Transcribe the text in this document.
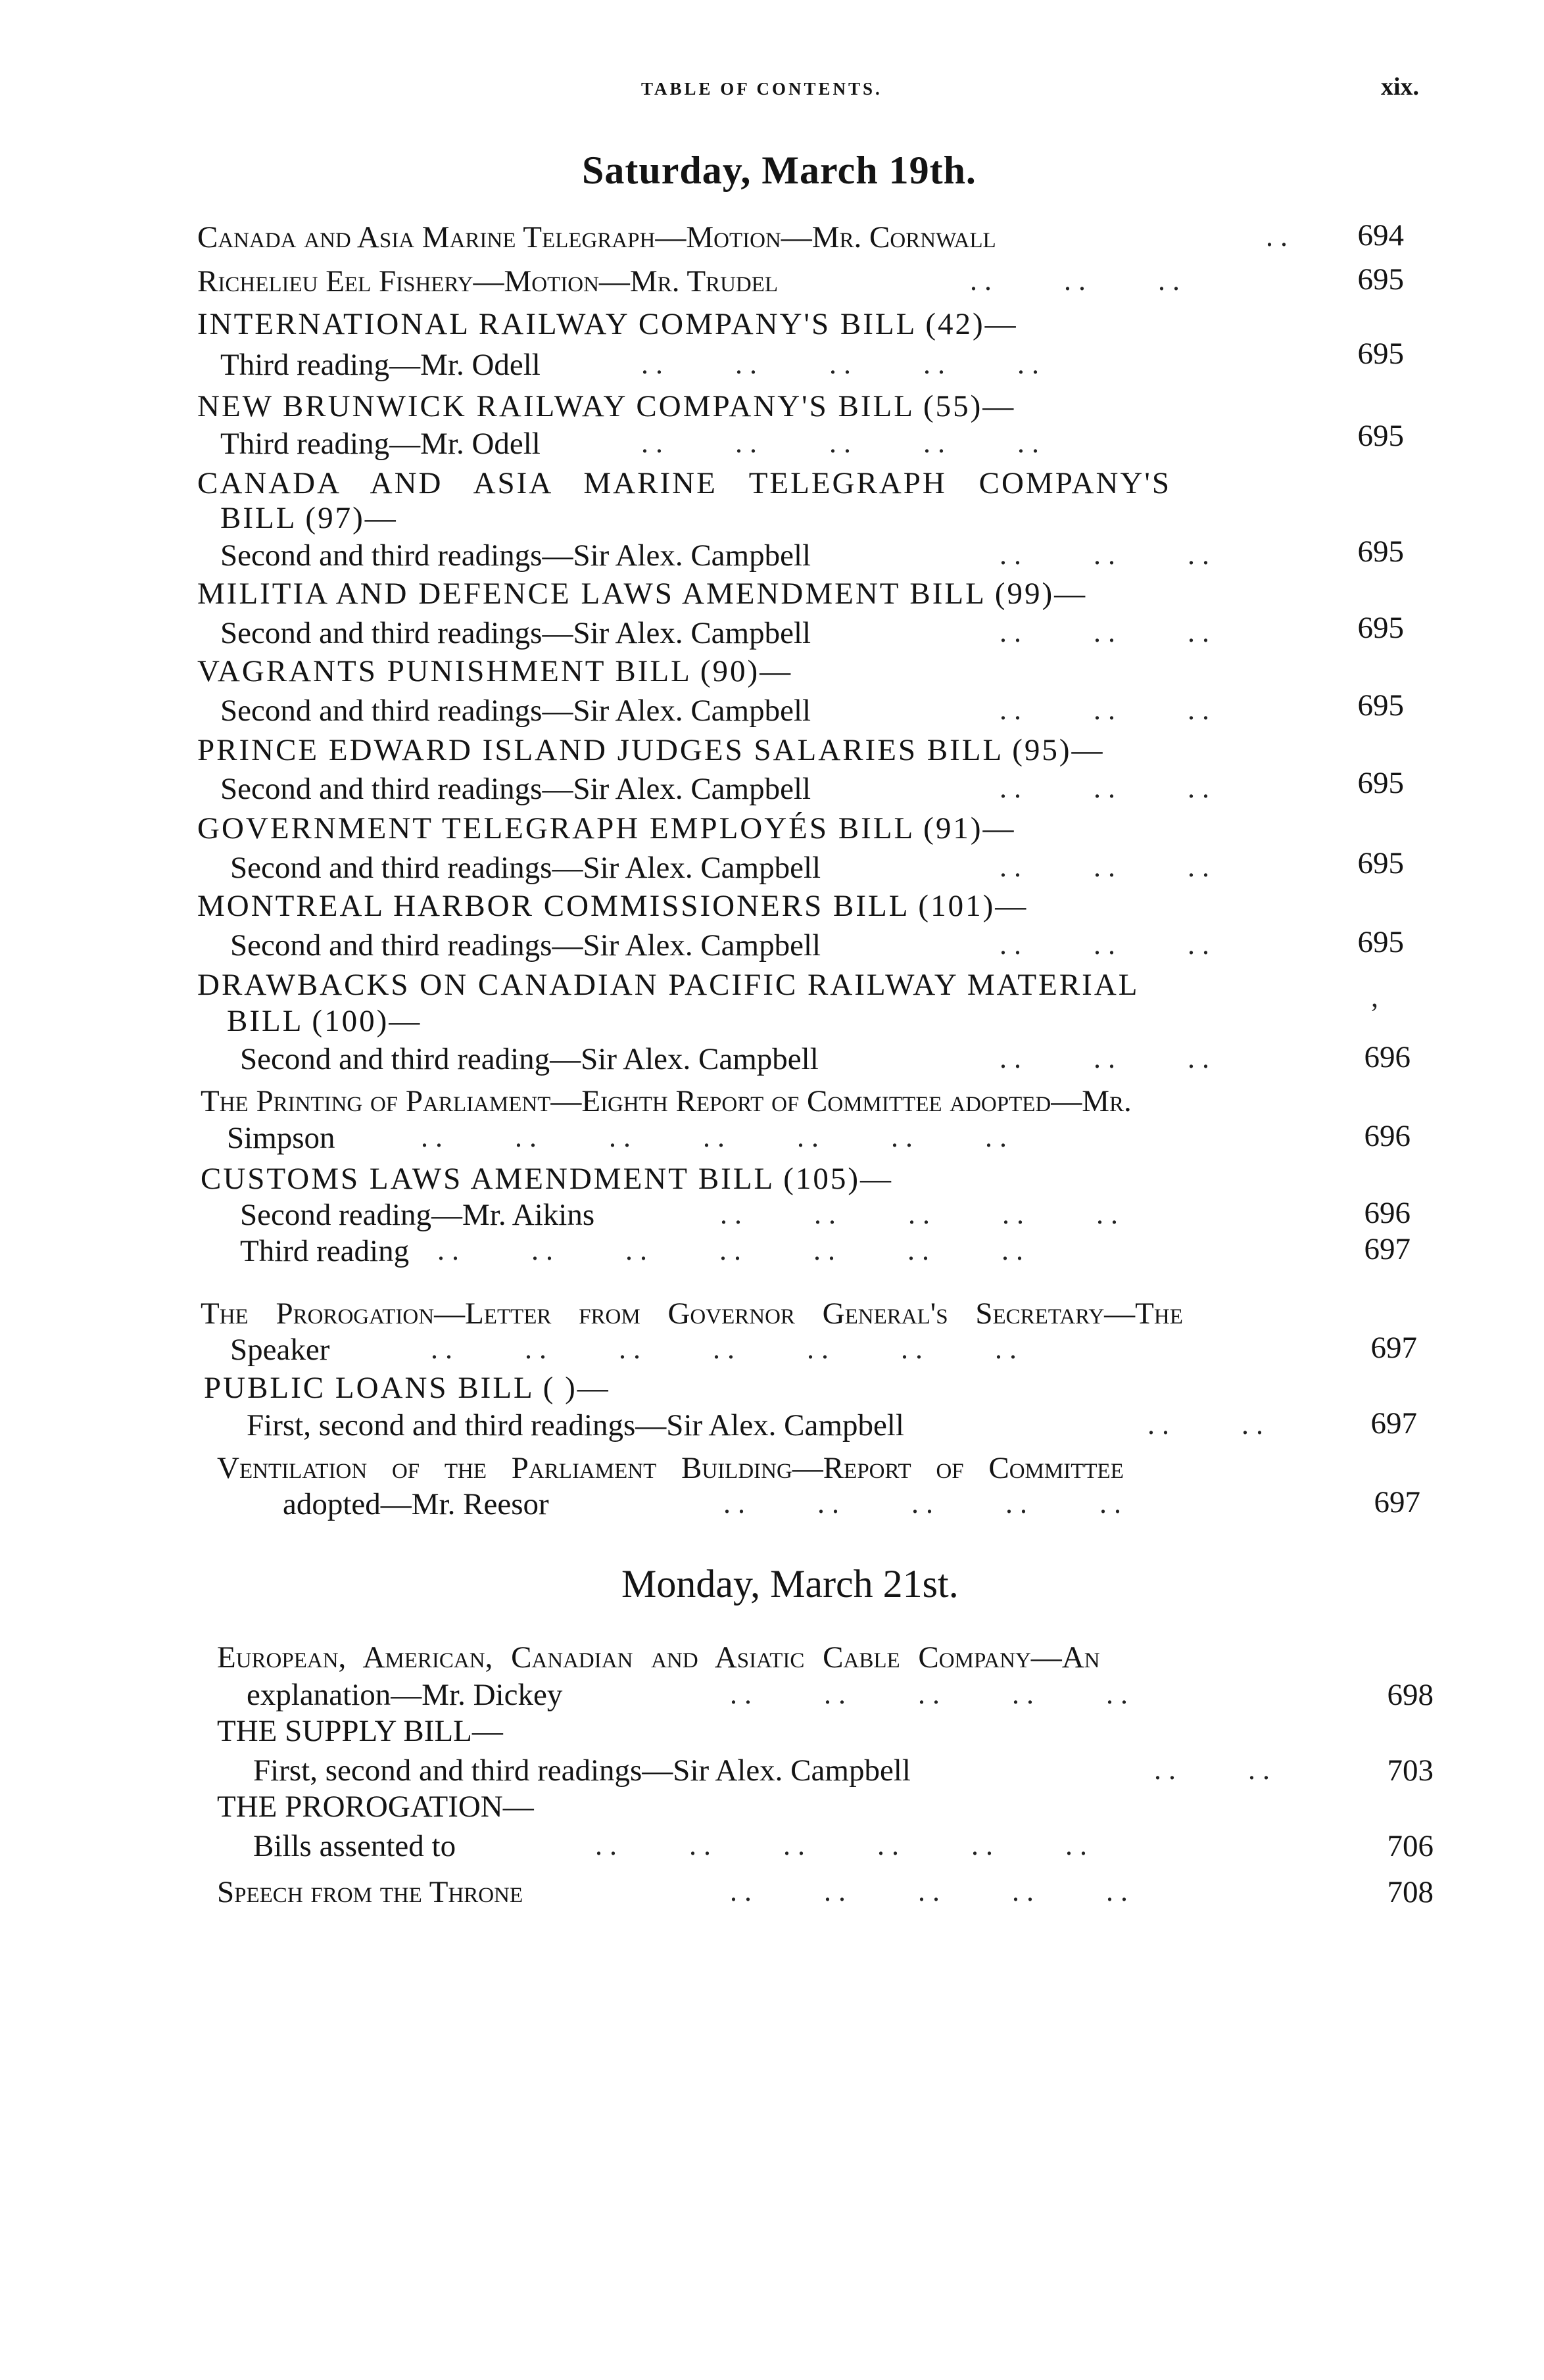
TABLE OF CONTENTS.	xix.
Saturday, March 19th.
Canada and Asia Marine Telegraph—Motion—Mr. Cornwall	. .	694
Richelieu Eel Fishery—Motion—Mr. Trudel	. .          . .          . .	695
INTERNATIONAL RAILWAY COMPANY'S BILL (42)—
Third reading—Mr. Odell	. .          . .          . .          . .          . .	695
NEW BRUNWICK RAILWAY COMPANY'S BILL (55)—
Third reading—Mr. Odell	. .          . .          . .          . .          . .	695
CANADA AND ASIA MARINE TELEGRAPH COMPANY'S
BILL (97)—
Second and third readings—Sir Alex. Campbell	. .          . .          . .	695
MILITIA AND DEFENCE LAWS AMENDMENT BILL (99)—
Second and third readings—Sir Alex. Campbell	. .          . .          . .	695
VAGRANTS PUNISHMENT BILL (90)—
Second and third readings—Sir Alex. Campbell	. .          . .          . .	695
PRINCE EDWARD ISLAND JUDGES SALARIES BILL (95)—
Second and third readings—Sir Alex. Campbell	. .          . .          . .	695
GOVERNMENT TELEGRAPH EMPLOYÉS BILL (91)—
Second and third readings—Sir Alex. Campbell	. .          . .          . .	695
MONTREAL HARBOR COMMISSIONERS BILL (101)—
Second and third readings—Sir Alex. Campbell	. .          . .          . .	695
DRAWBACKS ON CANADIAN PACIFIC RAILWAY MATERIAL
BILL (100)—
,
Second and third reading—Sir Alex. Campbell	. .          . .          . .	696
The Printing of Parliament—Eighth Report of Committee adopted—Mr.
Simpson	. .          . .          . .          . .          . .          . .          . .	696
CUSTOMS LAWS AMENDMENT BILL (105)—
Second reading—Mr. Aikins	. .          . .          . .          . .          . .	696
Third reading . .          . .          . .          . .          . .          . .          . .	697
The Prorogation—Letter from Governor General's Secretary—The
Speaker	. .          . .          . .          . .          . .          . .          . .	697
PUBLIC LOANS BILL ( )—
First, second and third readings—Sir Alex. Campbell	. .          . .	697
Ventilation of the Parliament Building—Report of Committee
adopted—Mr. Reesor	. .          . .          . .          . .          . .	697
Monday, March 21st.
European, American, Canadian and Asiatic Cable Company—An
explanation—Mr. Dickey	. .          . .          . .          . .          . .	698
THE SUPPLY BILL—
First, second and third readings—Sir Alex. Campbell	. .          . .	703
THE PROROGATION—
Bills assented to	. .          . .          . .          . .          . .          . .	706
Speech from the Throne	. .          . .          . .          . .          . .	708
